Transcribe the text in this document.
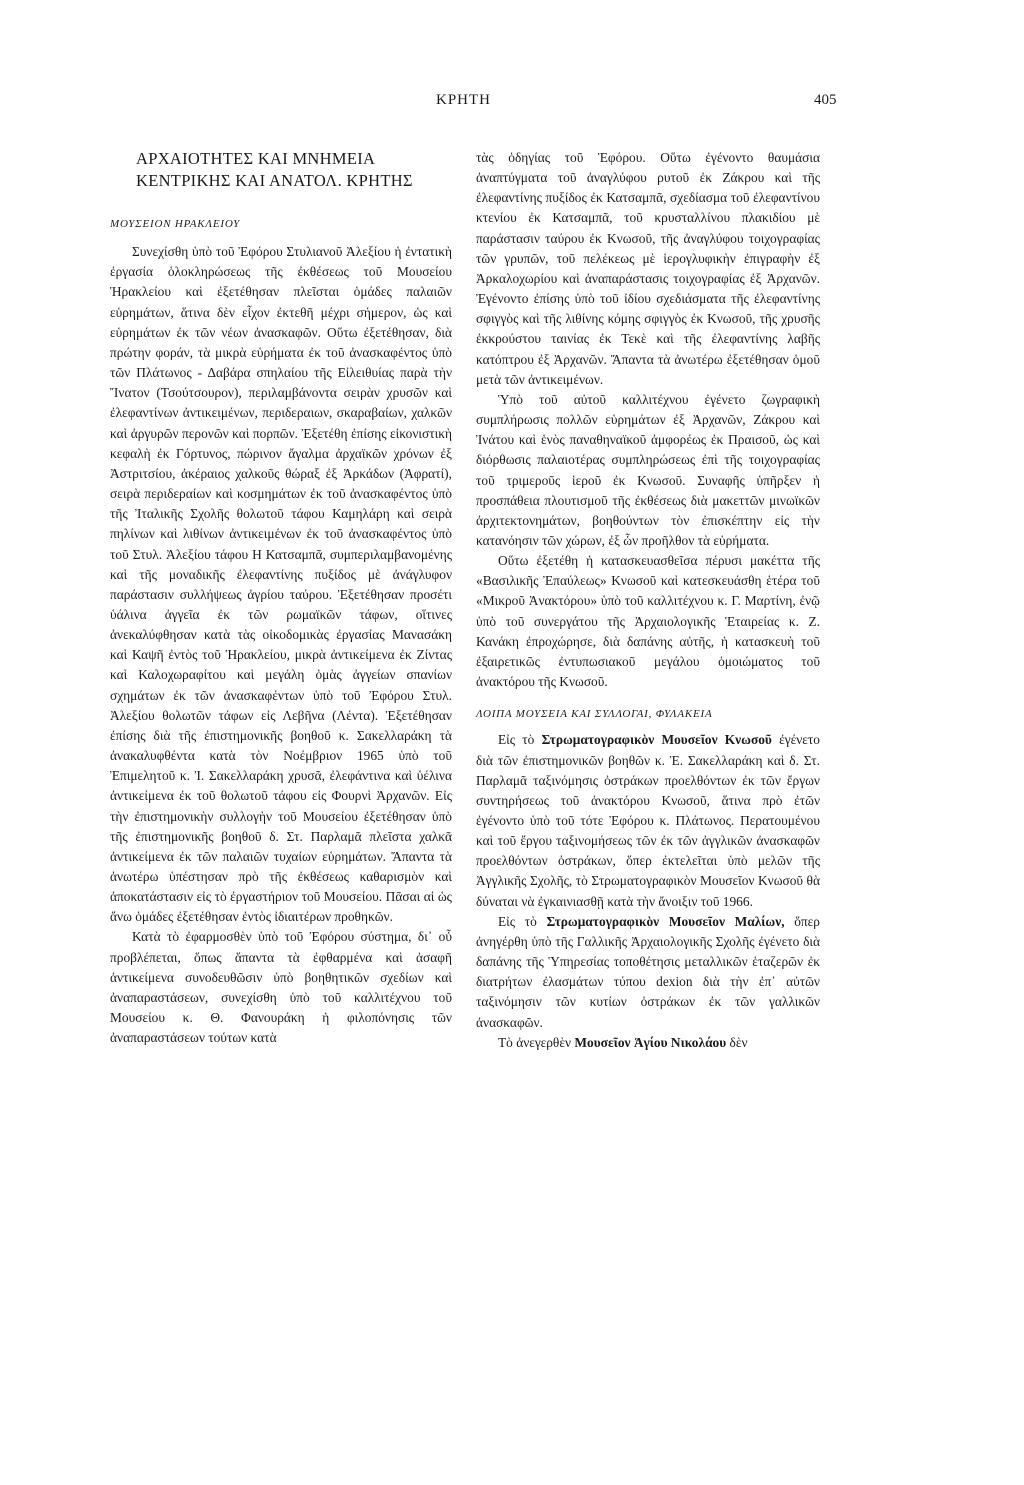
ΚΡΗΤΗ	405
ΑΡΧΑΙΟΤΗΤΕΣ ΚΑΙ ΜΝΗΜΕΙΑ
ΚΕΝΤΡΙΚΗΣ ΚΑΙ ΑΝΑΤΟΛ. ΚΡΗΤΗΣ
ΜΟΥΣΕΙΟΝ ΗΡΑΚΛΕΙΟΥ

Συνεχίσθη ὑπὸ τοῦ Ἐφόρου Στυλιανοῦ Ἀλεξίου ἡ ἐντατικὴ ἐργασία ὁλοκληρώσεως τῆς ἐκθέσεως τοῦ Μουσείου Ἡρακλείου καὶ ἐξετέθησαν πλεῖσται ὁμάδες παλαιῶν εὑρημάτων, ἅτινα δὲν εἶχον ἐκτεθῆ μέχρι σήμερον, ὡς καὶ εὑρημάτων ἐκ τῶν νέων ἀνασκαφῶν. Οὕτω ἐξετέθησαν, διὰ πρώτην φοράν, τὰ μικρὰ εὑρήματα ἐκ τοῦ ἀνασκαφέντος ὑπὸ τῶν Πλάτωνος - Δαβάρα σπηλαίου τῆς Εἰλειθυίας παρὰ τὴν Ἴνατον (Τσούτσουρον), περιλαμβάνοντα σειρὰν χρυσῶν καὶ ἐλεφαντίνων ἀντικειμένων, περιδεραιων, σκαραβαίων, χαλκῶν καὶ ἀργυρῶν περονῶν καὶ πορπῶν. Ἐξετέθη ἐπίσης εἰκονιστικὴ κεφαλὴ ἐκ Γόρτυνος, πώρινον ἄγαλμα ἀρχαϊκῶν χρόνων ἐξ Ἀστριτσίου, ἀκέραιος χαλκοῦς θώραξ ἐξ Ἀρκάδων (Ἀφρατί), σειρὰ περιδεραίων καὶ κοσμημάτων ἐκ τοῦ ἀνασκαφέντος ὑπὸ τῆς Ἰταλικῆς Σχολῆς θολωτοῦ τάφου Καμηλάρη καὶ σειρὰ πηλίνων καὶ λιθίνων ἀντικειμένων ἐκ τοῦ ἀνασκαφέντος ὑπὸ τοῦ Στυλ. Ἀλεξίου τάφου Η Κατσαμπᾶ, συμπεριλαμβανομένης καὶ τῆς μοναδικῆς ἐλεφαντίνης πυξίδος μὲ ἀνάγλυφον παράστασιν συλλήψεως ἀγρίου ταύρου. Ἐξετέθησαν προσέτι ὑάλινα ἀγγεῖα ἐκ τῶν ρωμαϊκῶν τάφων, οἵτινες ἀνεκαλύφθησαν κατὰ τὰς οἰκοδομικὰς ἐργασίας Μανασάκη καὶ Καψῆ ἐντὸς τοῦ Ἡρακλείου, μικρὰ ἀντικείμενα ἐκ Ζίντας καὶ Καλοχωραφίτου καὶ μεγάλη ὁμὰς ἀγγείων σπανίων σχημάτων ἐκ τῶν ἀνασκαφέντων ὑπὸ τοῦ Ἐφόρου Στυλ. Ἀλεξίου θολωτῶν τάφων εἰς Λεβῆνα (Λέντα). Ἐξετέθησαν ἐπίσης διὰ τῆς ἐπιστημονικῆς βοηθοῦ κ. Σακελλαράκη τὰ ἀνακαλυφθέντα κατὰ τὸν Νοέμβριον 1965 ὑπὸ τοῦ Ἐπιμελητοῦ κ. Ἰ. Σακελλαράκη χρυσᾶ, ἐλεφάντινα καὶ ὑέλινα ἀντικείμενα ἐκ τοῦ θολωτοῦ τάφου εἰς Φουρνὶ Ἀρχανῶν. Εἰς τὴν ἐπιστημονικὴν συλλογὴν τοῦ Μουσείου ἐξετέθησαν ὑπὸ τῆς ἐπιστημονικῆς βοηθοῦ δ. Στ. Παρλαμᾶ πλεῖστα χαλκᾶ ἀντικείμενα ἐκ τῶν παλαιῶν τυχαίων εὑρημάτων. Ἅπαντα τὰ ἀνωτέρω ὑπέστησαν πρὸ τῆς ἐκθέσεως καθαρισμὸν καὶ ἀποκατάστασιν εἰς τὸ ἐργαστήριον τοῦ Μουσείου. Πᾶσαι αἱ ὡς ἄνω ὁμάδες ἐξετέθησαν ἐντὸς ἰδιαιτέρων προθηκῶν.

Κατὰ τὸ ἐφαρμοσθὲν ὑπὸ τοῦ Ἐφόρου σύστημα, δι᾽ οὗ προβλέπεται, ὅπως ἅπαντα τὰ ἐφθαρμένα καὶ ἀσαφῆ ἀντικείμενα συνοδευθῶσιν ὑπὸ βοηθητικῶν σχεδίων καὶ ἀναπαραστάσεων, συνεχίσθη ὑπὸ τοῦ καλλιτέχνου τοῦ Μουσείου κ. Θ. Φανουράκη ἡ φιλοπόνησις τῶν ἀναπαραστάσεων τούτων κατὰ

τὰς ὁδηγίας τοῦ Ἐφόρου. Οὕτω ἐγένοντο θαυμάσια ἀναπτύγματα τοῦ ἀναγλύφου ρυτοῦ ἐκ Ζάκρου καὶ τῆς ἐλεφαντίνης πυξίδος ἐκ Κατσαμπᾶ, σχεδίασμα τοῦ ἐλεφαντίνου κτενίου ἐκ Κατσαμπᾶ, τοῦ κρυσταλλίνου πλακιδίου μὲ παράστασιν ταύρου ἐκ Κνωσοῦ, τῆς ἀναγλύφου τοιχογραφίας τῶν γρυπῶν, τοῦ πελέκεως μὲ ἱερογλυφικὴν ἐπιγραφὴν ἐξ Ἀρκαλοχωρίου καὶ ἀναπαράστασις τοιχογραφίας ἐξ Ἀρχανῶν. Ἐγένοντο ἐπίσης ὑπὸ τοῦ ἰδίου σχεδιάσματα τῆς ἐλεφαντίνης σφιγγὸς καὶ τῆς λιθίνης κόμης σφιγγὸς ἐκ Κνωσοῦ, τῆς χρυσῆς ἐκκρούστου ταινίας ἐκ Τεκὲ καὶ τῆς ἐλεφαντίνης λαβῆς κατόπτρου ἐξ Ἀρχανῶν. Ἅπαντα τὰ ἀνωτέρω ἐξετέθησαν ὁμοῦ μετὰ τῶν ἀντικειμένων.

Ὑπὸ τοῦ αὐτοῦ καλλιτέχνου ἐγένετο ζωγραφικὴ συμπλήρωσις πολλῶν εὑρημάτων ἐξ Ἀρχανῶν, Ζάκρου καὶ Ἰνάτου καὶ ἑνὸς παναθηναϊκοῦ ἀμφορέως ἐκ Πραισοῦ, ὡς καὶ διόρθωσις παλαιοτέρας συμπληρώσεως ἐπὶ τῆς τοιχογραφίας τοῦ τριμεροῦς ἱεροῦ ἐκ Κνωσοῦ. Συναφῆς ὑπῆρξεν ἡ προσπάθεια πλουτισμοῦ τῆς ἐκθέσεως διὰ μακεττῶν μινωϊκῶν ἀρχιτεκτονημάτων, βοηθούντων τὸν ἐπισκέπτην εἰς τὴν κατανόησιν τῶν χώρων, ἐξ ὧν προῆλθον τὰ εὑρήματα.

Οὕτω ἐξετέθη ἡ κατασκευασθεῖσα πέρυσι μακέττα τῆς «Βασιλικῆς Ἐπαύλεως» Κνωσοῦ καὶ κατεσκευάσθη ἑτέρα τοῦ «Μικροῦ Ἀνακτόρου» ὑπὸ τοῦ καλλιτέχνου κ. Γ. Μαρτίνη, ἐνῷ ὑπὸ τοῦ συνεργάτου τῆς Ἀρχαιολογικῆς Ἑταιρείας κ. Ζ. Κανάκη ἐπροχώρησε, διὰ δαπάνης αὐτῆς, ἡ κατασκευὴ τοῦ ἐξαιρετικῶς ἐντυπωσιακοῦ μεγάλου ὁμοιώματος τοῦ ἀνακτόρου τῆς Κνωσοῦ.

ΛΟΙΠΑ ΜΟΥΣΕΙΑ ΚΑΙ ΣΥΛΛΟΓΑΙ, ΦΥΛΑΚΕΙΑ

Εἰς τὸ Στρωματογραφικὸν Μουσεῖον Κνωσοῦ ἐγένετο διὰ τῶν ἐπιστημονικῶν βοηθῶν κ. Ἐ. Σακελλαράκη καὶ δ. Στ. Παρλαμᾶ ταξινόμησις ὀστράκων προελθόντων ἐκ τῶν ἔργων συντηρήσεως τοῦ ἀνακτόρου Κνωσοῦ, ἅτινα πρὸ ἐτῶν ἐγένοντο ὑπὸ τοῦ τότε Ἐφόρου κ. Πλάτωνος. Περατουμένου καὶ τοῦ ἔργου ταξινομήσεως τῶν ἐκ τῶν ἀγγλικῶν ἀνασκαφῶν προελθόντων ὀστράκων, ὅπερ ἐκτελεῖται ὑπὸ μελῶν τῆς Ἀγγλικῆς Σχολῆς, τὸ Στρωματογραφικὸν Μουσεῖον Κνωσοῦ θὰ δύναται νὰ ἐγκαινιασθῇ κατὰ τὴν ἄνοιξιν τοῦ 1966.

Εἰς τὸ Στρωματογραφικὸν Μουσεῖον Μαλίων, ὅπερ ἀνηγέρθη ὑπὸ τῆς Γαλλικῆς Ἀρχαιολογικῆς Σχολῆς ἐγένετο διὰ δαπάνης τῆς Ὑπηρεσίας τοποθέτησις μεταλλικῶν ἑταζερῶν ἐκ διατρήτων ἐλασμάτων τύπου dexion διὰ τὴν ἐπ᾽ αὐτῶν ταξινόμησιν τῶν κυτίων ὀστράκων ἐκ τῶν γαλλικῶν ἀνασκαφῶν.

Τὸ ἀνεγερθὲν Μουσεῖον Ἁγίου Νικολάου δὲν
